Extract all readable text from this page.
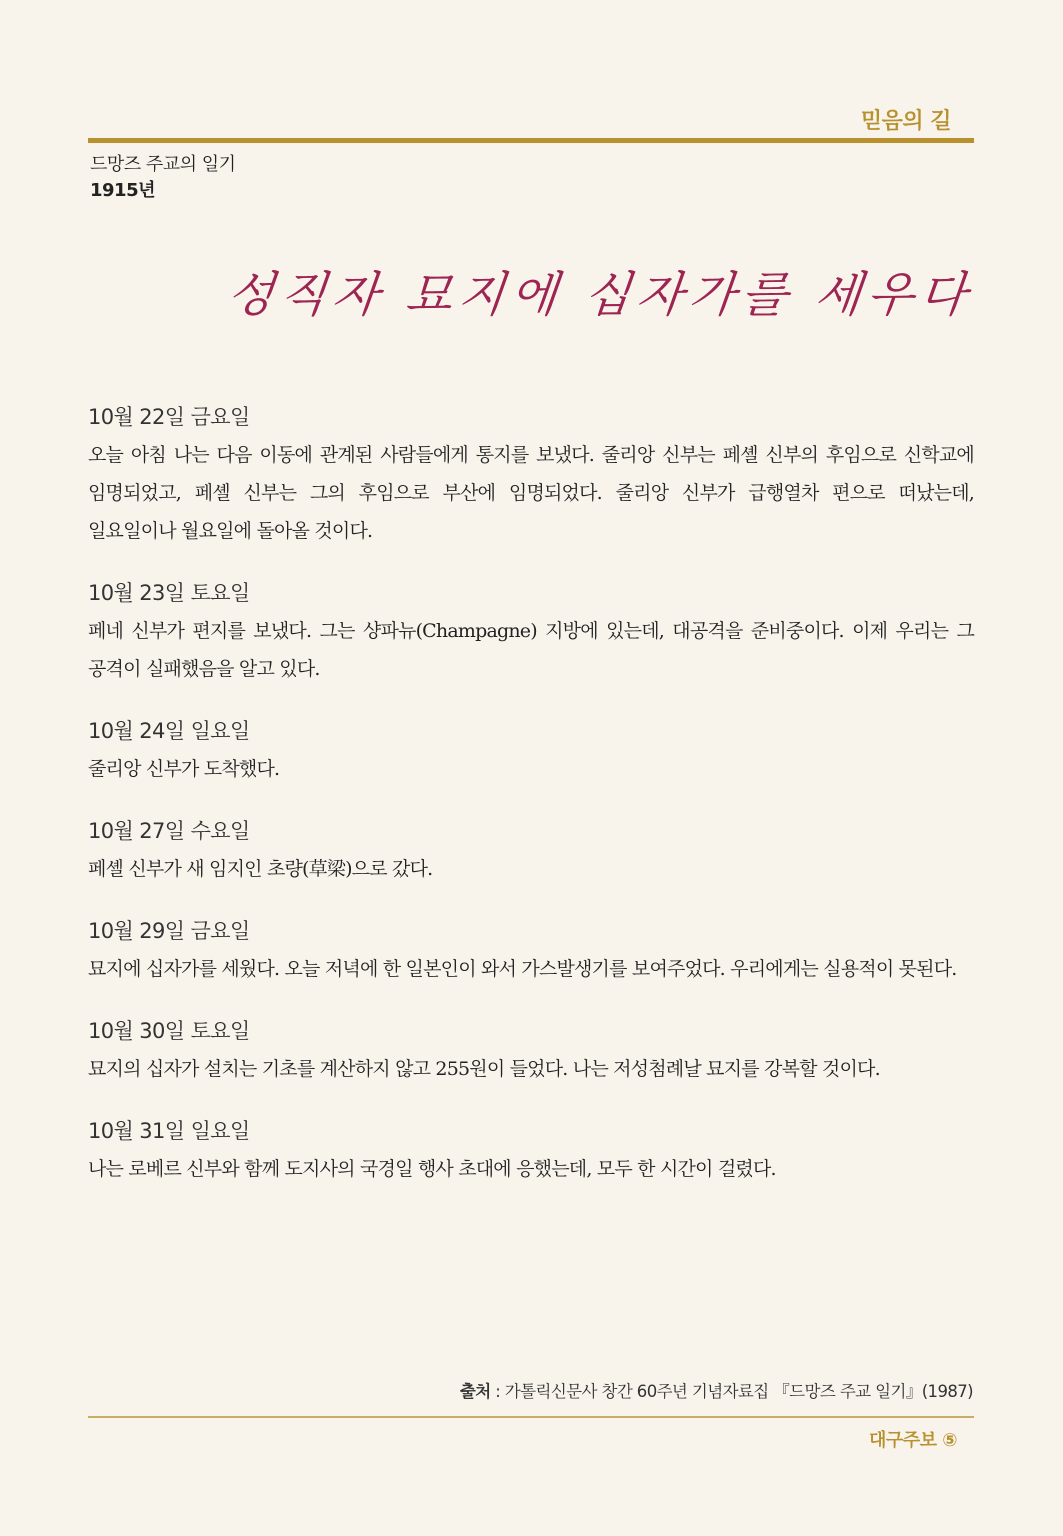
믿음의 길
드망즈 주교의 일기
1915년
성직자 묘지에 십자가를 세우다
10월 22일 금요일
오늘 아침 나는 다음 이동에 관계된 사람들에게 통지를 보냈다. 줄리앙 신부는 페셸 신부의 후임으로 신학교에 임명되었고, 페셸 신부는 그의 후임으로 부산에 임명되었다. 줄리앙 신부가 급행열차 편으로 떠났는데, 일요일이나 월요일에 돌아올 것이다.
10월 23일 토요일
페네 신부가 편지를 보냈다. 그는 샹파뉴(Champagne) 지방에 있는데, 대공격을 준비중이다. 이제 우리는 그 공격이 실패했음을 알고 있다.
10월 24일 일요일
줄리앙 신부가 도착했다.
10월 27일 수요일
페셸 신부가 새 임지인 초량(草梁)으로 갔다.
10월 29일 금요일
묘지에 십자가를 세웠다. 오늘 저녁에 한 일본인이 와서 가스발생기를 보여주었다. 우리에게는 실용적이 못된다.
10월 30일 토요일
묘지의 십자가 설치는 기초를 계산하지 않고 255원이 들었다. 나는 저성첨례날 묘지를 강복할 것이다.
10월 31일 일요일
나는 로베르 신부와 함께 도지사의 국경일 행사 초대에 응했는데, 모두 한 시간이 걸렸다.
출처 : 가톨릭신문사 창간 60주년 기념자료집 『드망즈 주교 일기』(1987)
대구주보 ⑤
